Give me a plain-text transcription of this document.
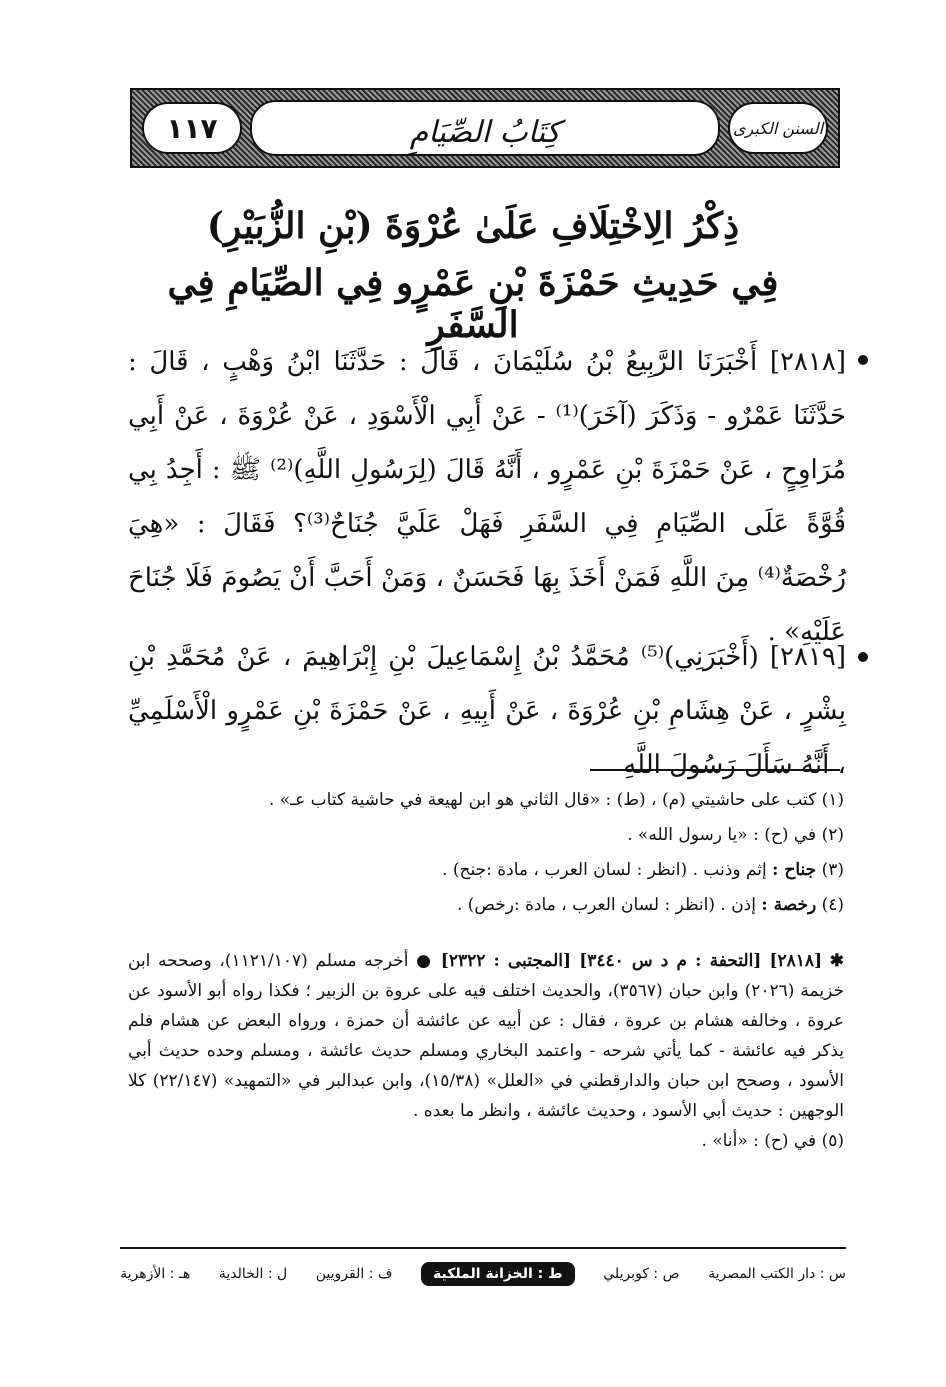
السنن الكبرى
كِتَابُ الصِّيَامِ
١١٧
ذِكْرُ الِاخْتِلَافِ عَلَىٰ عُرْوَةَ (بْنِ الزُّبَيْرِ)
فِي حَدِيثِ حَمْزَةَ بْنِ عَمْرٍو فِي الصِّيَامِ فِي السَّفَرِ
[٢٨١٨] أَخْبَرَنَا الرَّبِيعُ بْنُ سُلَيْمَانَ ، قَالَ : حَدَّثَنَا ابْنُ وَهْبٍ ، قَالَ : حَدَّثَنَا عَمْرٌو - وَذَكَرَ (آخَرَ)⁽¹⁾ - عَنْ أَبِي الْأَسْوَدِ ، عَنْ عُرْوَةَ ، عَنْ أَبِي مُرَاوِحٍ ، عَنْ حَمْزَةَ بْنِ عَمْرٍو ، أَنَّهُ قَالَ (لِرَسُولِ اللَّهِ)⁽²⁾ ﷺ : أَجِدُ بِي قُوَّةً عَلَى الصِّيَامِ فِي السَّفَرِ فَهَلْ عَلَيَّ جُنَاحٌ⁽³⁾؟ فَقَالَ : «هِيَ رُخْصَةٌ⁽⁴⁾ مِنَ اللَّهِ فَمَنْ أَخَذَ بِهَا فَحَسَنٌ ، وَمَنْ أَحَبَّ أَنْ يَصُومَ فَلَا جُنَاحَ عَلَيْهِ» .
[٢٨١٩] (أَخْبَرَنِي)⁽⁵⁾ مُحَمَّدُ بْنُ إِسْمَاعِيلَ بْنِ إِبْرَاهِيمَ ، عَنْ مُحَمَّدِ بْنِ بِشْرٍ ، عَنْ هِشَامِ بْنِ عُرْوَةَ ، عَنْ أَبِيهِ ، عَنْ حَمْزَةَ بْنِ عَمْرٍو الْأَسْلَمِيِّ ، أَنَّهُ سَأَلَ رَسُولَ اللَّهِ
(١) كتب على حاشيتي (م) ، (ط) : «قال الثاني هو ابن لهيعة في حاشية كتاب عـ» .
(٢) في (ح) : «يا رسول الله» .
(٣) جناح : إثم وذنب . (انظر : لسان العرب ، مادة :جنح) .
(٤) رخصة : إذن . (انظر : لسان العرب ، مادة :رخص) .
✱ [٢٨١٨] [التحفة : م د س ٣٤٤٠] [المجتبى : ٢٣٢٢] ● أخرجه مسلم (١١٢١/١٠٧)، وصححه ابن خزيمة (٢٠٢٦) وابن حبان (٣٥٦٧)، والحديث اختلف فيه على عروة بن الزبير ؛ فكذا رواه أبو الأسود عن عروة ، وخالفه هشام بن عروة ، فقال : عن أبيه عن عائشة أن حمزة ، ورواه البعض عن هشام فلم يذكر فيه عائشة - كما يأتي شرحه - واعتمد البخاري ومسلم حديث عائشة ، ومسلم وحده حديث أبي الأسود ، وصحح ابن حبان والدارقطني في «العلل» (١٥/٣٨)، وابن عبدالبر في «التمهيد» (٢٢/١٤٧) كلا الوجهين : حديث أبي الأسود ، وحديث عائشة ، وانظر ما بعده .
(٥) في (ح) : «أنا» .
س : دار الكتب المصرية
ص : كوبريلي
ط : الخزانة الملكية
ف : القرويين
ل : الخالدية
هـ : الأزهرية
